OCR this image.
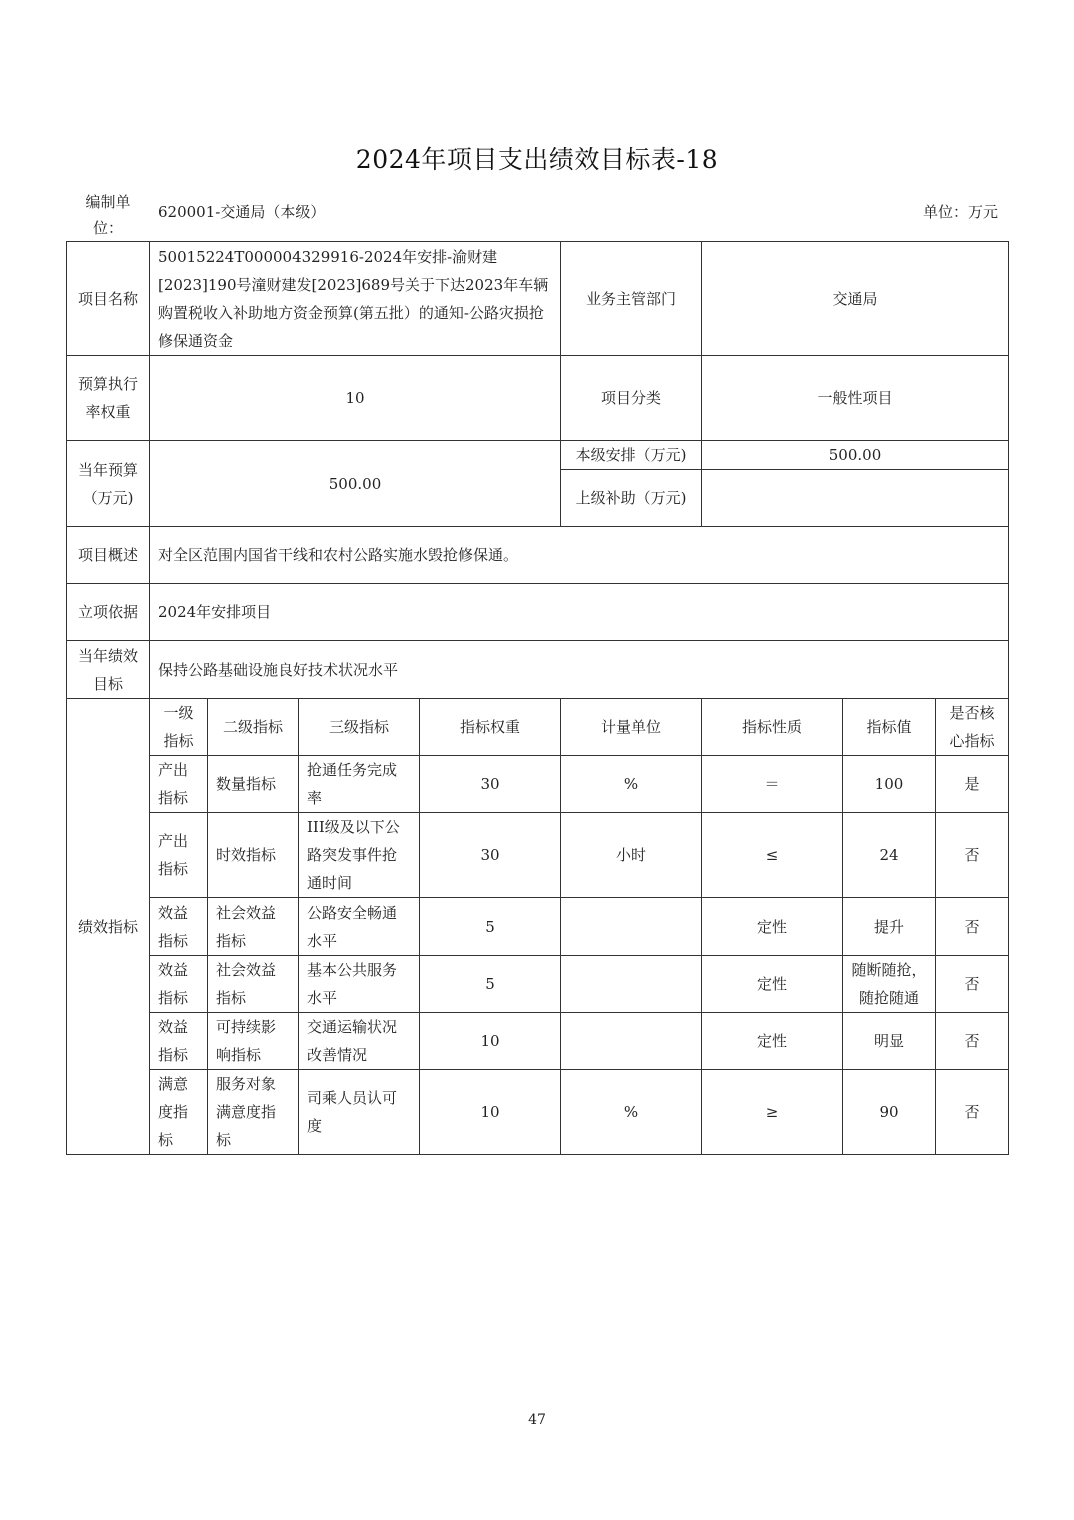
2024年项目支出绩效目标表-18
编制单位：
620001-交通局（本级）	单位：万元
项目名称	50015224T000004329916-2024年安排-渝财建[2023]190号潼财建发[2023]689号关于下达2023年车辆购置税收入补助地方资金预算(第五批）的通知-公路灾损抢修保通资金				业务主管部门	交通局		
预算执行率权重	10				项目分类	一般性项目		
当年预算（万元)	500.00				本级安排（万元)	500.00		
					上级补助（万元)			
项目概述	对全区范围内国省干线和农村公路实施水毁抢修保通。							
立项依据	2024年安排项目							
当年绩效目标	保持公路基础设施良好技术状况水平							
绩效指标	一级指标	二级指标	三级指标	指标权重	计量单位	指标性质	指标值	是否核心指标
	产出指标	数量指标	抢通任务完成率	30	%	＝	100	是
	产出指标	时效指标	III级及以下公路突发事件抢通时间	30	小时	≤	24	否
	效益指标	社会效益指标	公路安全畅通水平	5		定性	提升	否
	效益指标	社会效益指标	基本公共服务水平	5		定性	随断随抢，随抢随通	否
	效益指标	可持续影响指标	交通运输状况改善情况	10		定性	明显	否
	满意度指标	服务对象满意度指标	司乘人员认可度	10	%	≥	90	否
47
